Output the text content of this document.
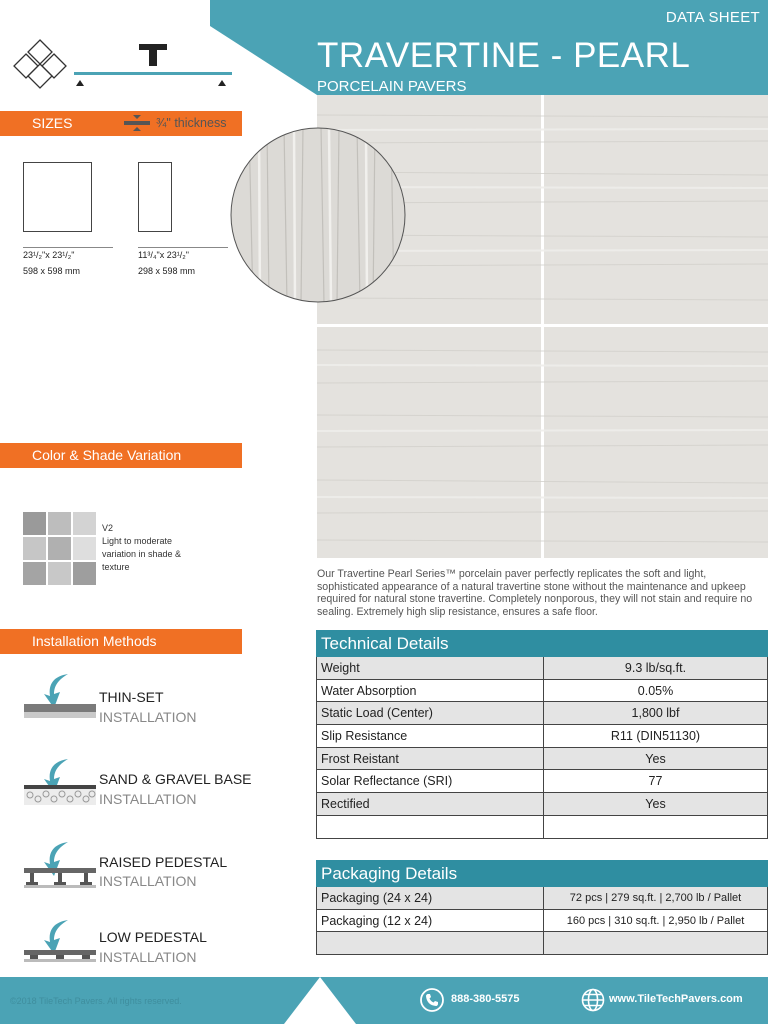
DATA SHEET
TRAVERTINE - PEARL
PORCELAIN PAVERS
SIZES	¾" thickness
23¹/₂"x 23¹/₂"
598 x 598 mm
11³/₄"x 23¹/₂"
298 x 598 mm
Color & Shade Variation
V2
Light to moderate variation in shade & texture
Installation Methods
THIN-SET
INSTALLATION
SAND & GRAVEL BASE
INSTALLATION
RAISED PEDESTAL
INSTALLATION
LOW PEDESTAL
INSTALLATION
Our Travertine Pearl Series™ porcelain paver perfectly replicates the soft and light, sophisticated appearance of a natural travertine stone without the maintenance and upkeep required for natural stone travertine. Completely nonporous, they will not stain and require no sealing. Extremely high slip resistance, ensures a safe floor.
Technical Details	
Weight	9.3 lb/sq.ft.
Water Absorption	0.05%
Static Load (Center)	1,800 lbf
Slip Resistance	R11 (DIN51130)
Frost Reistant	Yes
Solar Reflectance (SRI)	77
Rectified	Yes

Packaging Details	
Packaging (24 x 24)	72 pcs | 279 sq.ft. | 2,700 lb / Pallet
Packaging (12 x 24)	160 pcs | 310 sq.ft. | 2,950 lb / Pallet

©2018 TileTech Pavers. All rights reserved.	888-380-5575	www.TileTechPavers.com
